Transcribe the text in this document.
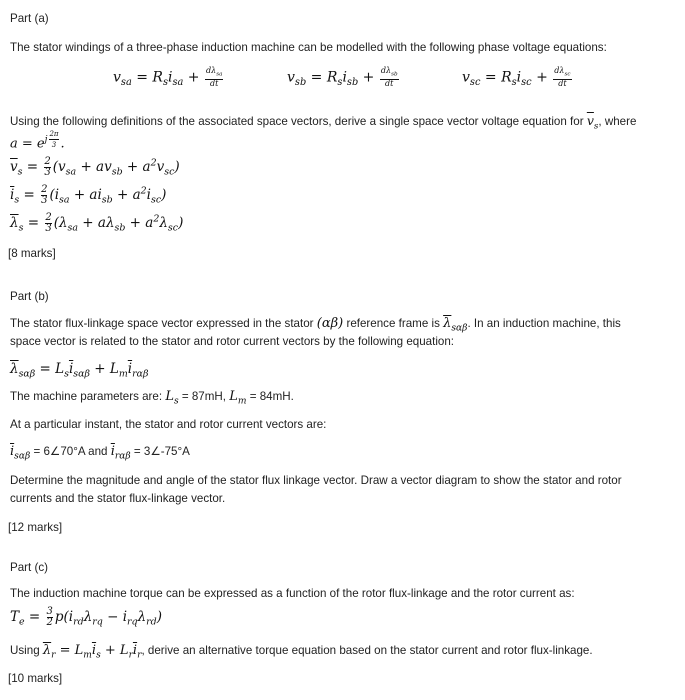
Part (a)
The stator windings of a three-phase induction machine can be modelled with the following phase voltage equations:
$v_{sa} = R_si_{sa} + \frac{d\lambda_{sa}}{dt}$	$v_{sb} = R_si_{sb} + \frac{d\lambda_{sb}}{dt}$	$v_{sc} = R_si_{sc} + \frac{d\lambda_{sc}}{dt}$
Using the following definitions of the associated space vectors, derive a single space vector voltage equation for $\overline{v}_s$, where
$a = e^{j \frac{2\pi}{3}}$ .
$\overline{v}_s = \frac{2}{3} (v_{sa} + av_{sb} + a^2v_{sc})$
$\overline{i}_s = \frac{2}{3} (i_{sa} + ai_{sb} + a^2i_{sc})$
$\overline{\lambda}_s = \frac{2}{3} (\lambda_{sa} + a\lambda_{sb} + a^2\lambda_{sc})$
[8 marks]
Part (b)
The stator flux-linkage space vector expressed in the stator (αβ) reference frame is $\overline{\lambda}_{s\alpha\beta}$. In an induction machine, this
space vector is related to the stator and rotor current vectors by the following equation:
$\overline{\lambda}_{s\alpha\beta} = L_s\overline{i}_{s\alpha\beta} + L_m\overline{i}_{r\alpha\beta}$
The machine parameters are: $L_s = 87mH$, $L_m = 84mH$.
At a particular instant, the stator and rotor current vectors are:
$\overline{i}_{s\alpha\beta}$ = 6∠70°A and $\overline{i}_{r\alpha\beta}$ = 3∠-75°A
Determine the magnitude and angle of the stator flux linkage vector. Draw a vector diagram to show the stator and rotor
currents and the stator flux-linkage vector.
[12 marks]
Part (c)
The induction machine torque can be expressed as a function of the rotor flux-linkage and the rotor current as:
$T_e = \frac{3}{2} p(i_{rd}\lambda_{rq} - i_{rq}\lambda_{rd})$
Using $\overline{\lambda}_r = L_m\overline{i}_s + L_r\overline{i}_r$, derive an alternative torque equation based on the stator current and rotor flux-linkage.
[10 marks]
